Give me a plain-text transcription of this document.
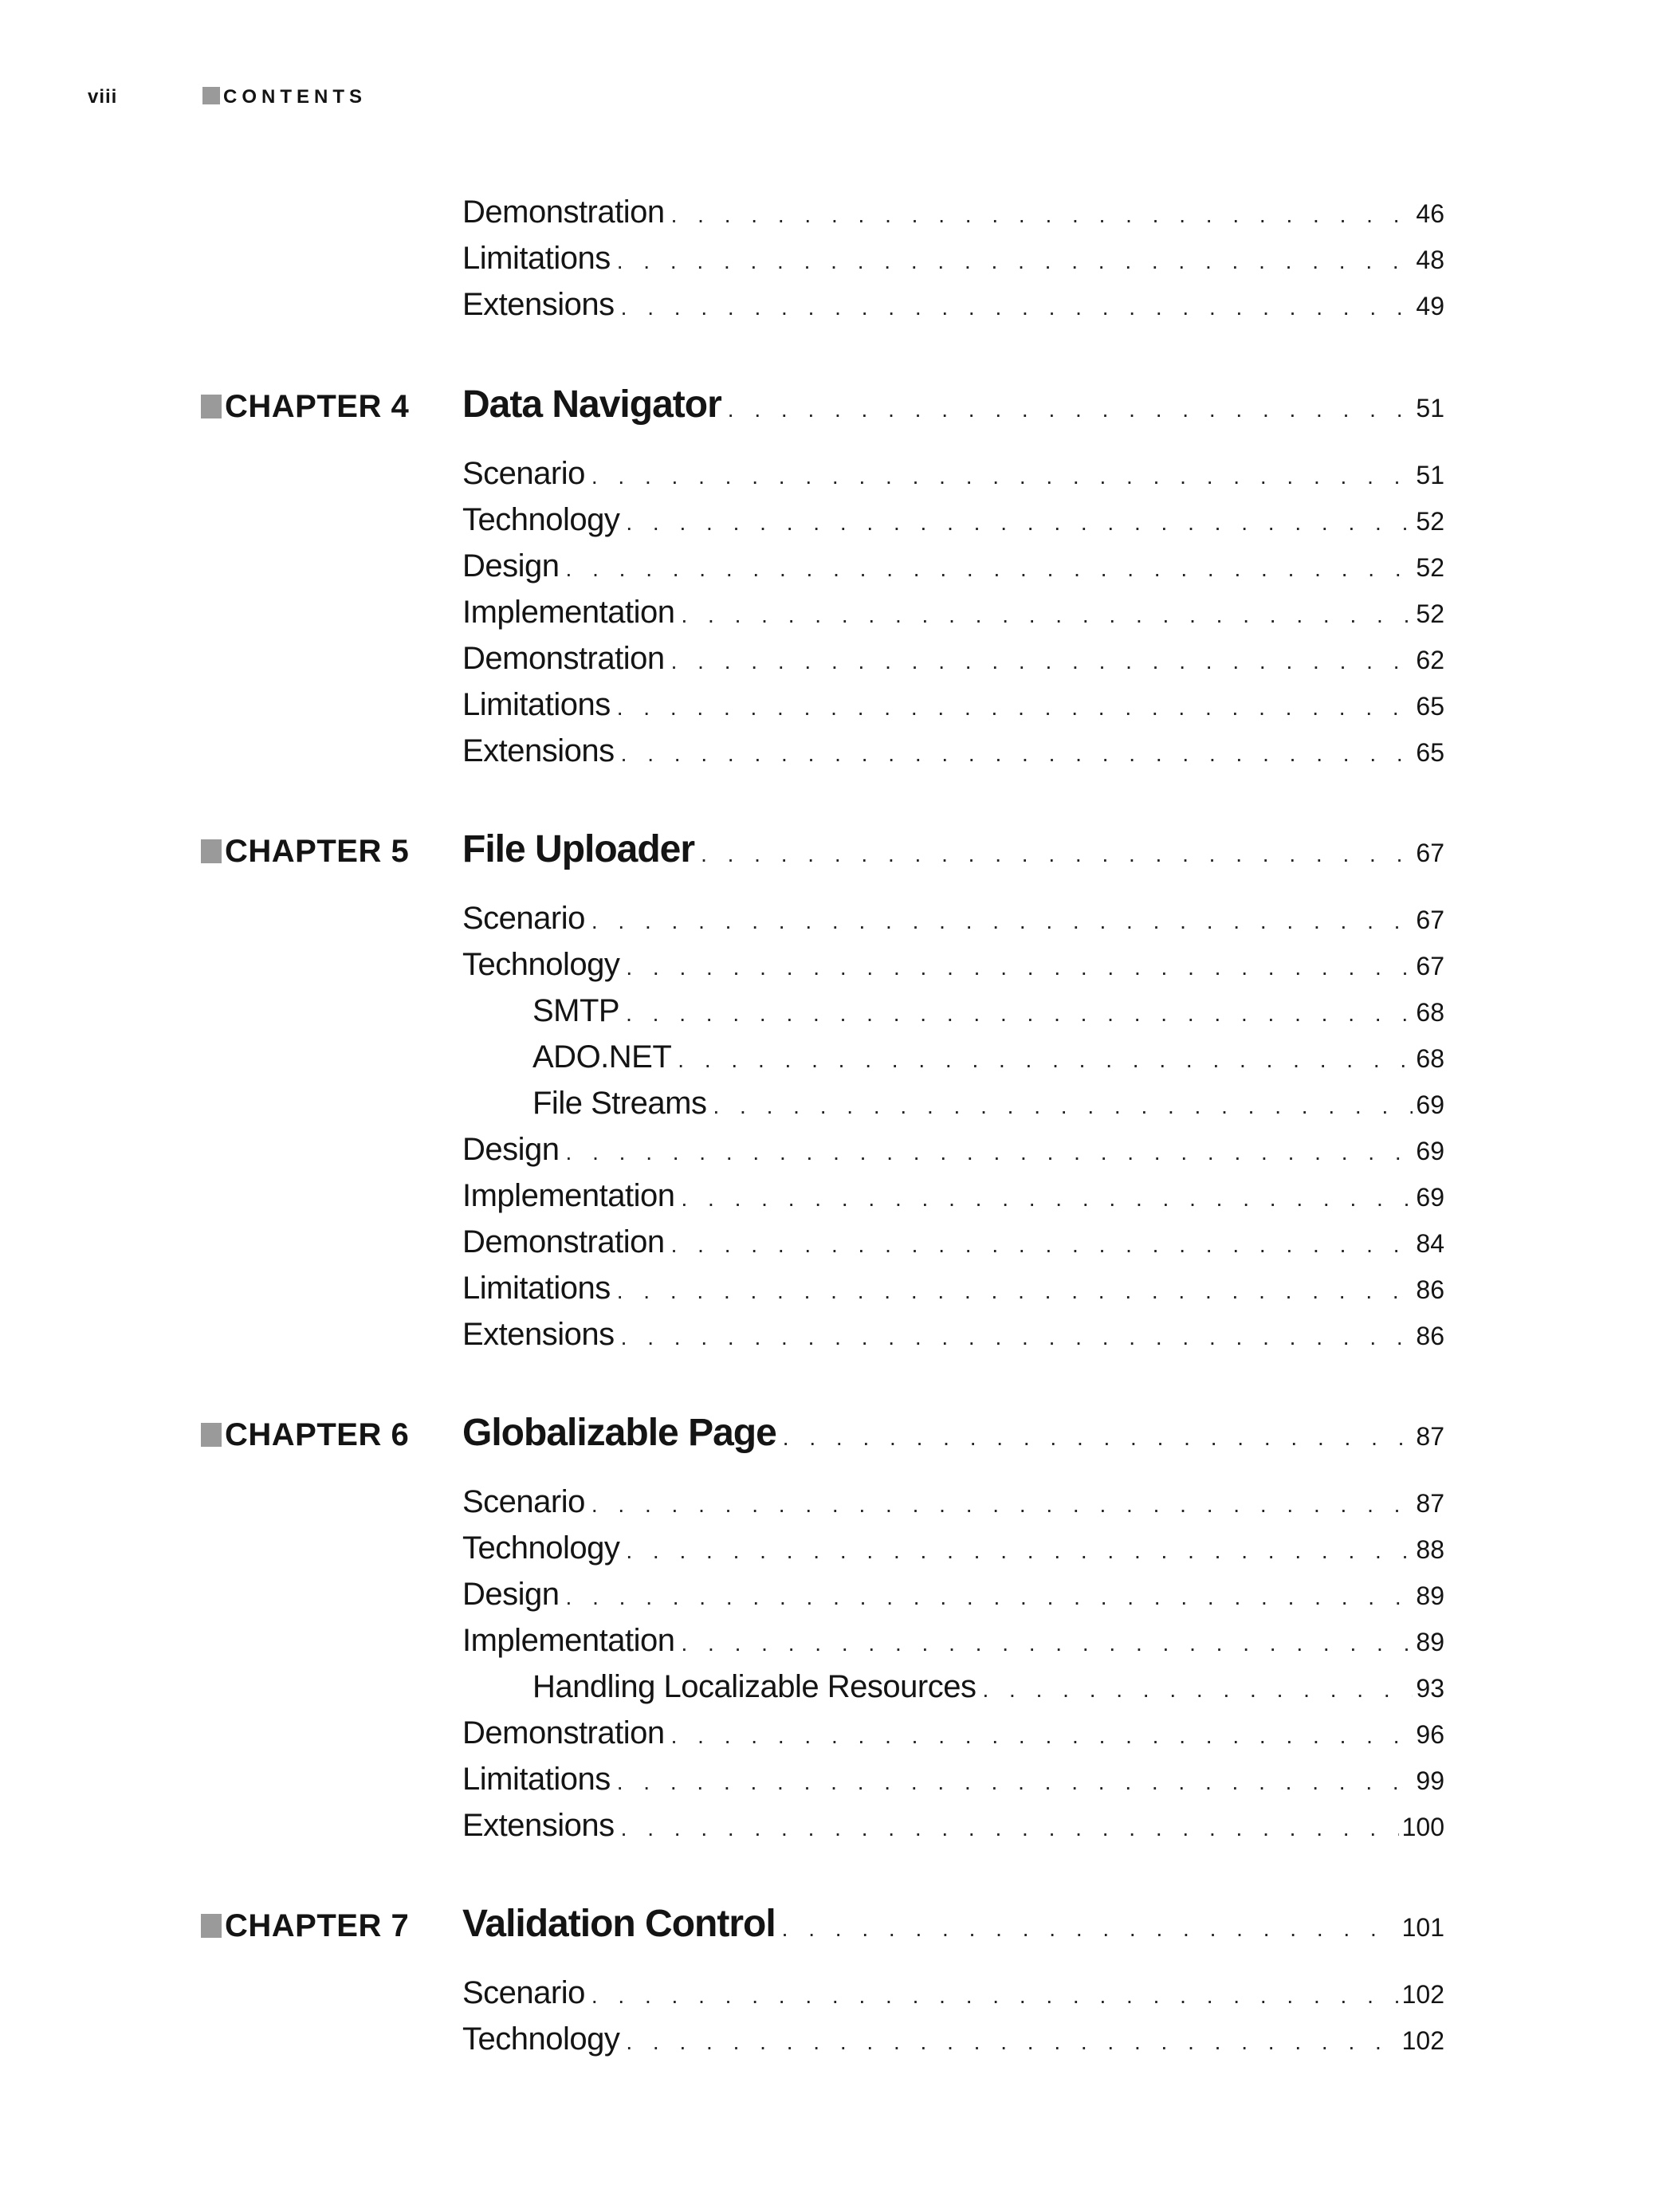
viii	CONTENTS
Demonstration . . .	46
Limitations . . .	48
Extensions . . .	49
CHAPTER 4 Data Navigator . . .	51
Scenario . . .	51
Technology . . .	52
Design . . .	52
Implementation . . .	52
Demonstration . . .	62
Limitations . . .	65
Extensions . . .	65
CHAPTER 5 File Uploader . . .	67
Scenario . . .	67
Technology . . .	67
SMTP . . .	68
ADO.NET . . .	68
File Streams . . .	69
Design . . .	69
Implementation . . .	69
Demonstration . . .	84
Limitations . . .	86
Extensions . . .	86
CHAPTER 6 Globalizable Page . . .	87
Scenario . . .	87
Technology . . .	88
Design . . .	89
Implementation . . .	89
Handling Localizable Resources . . .	93
Demonstration . . .	96
Limitations . . .	99
Extensions . . .	100
CHAPTER 7 Validation Control . . .	101
Scenario . . .	102
Technology . . .	102
